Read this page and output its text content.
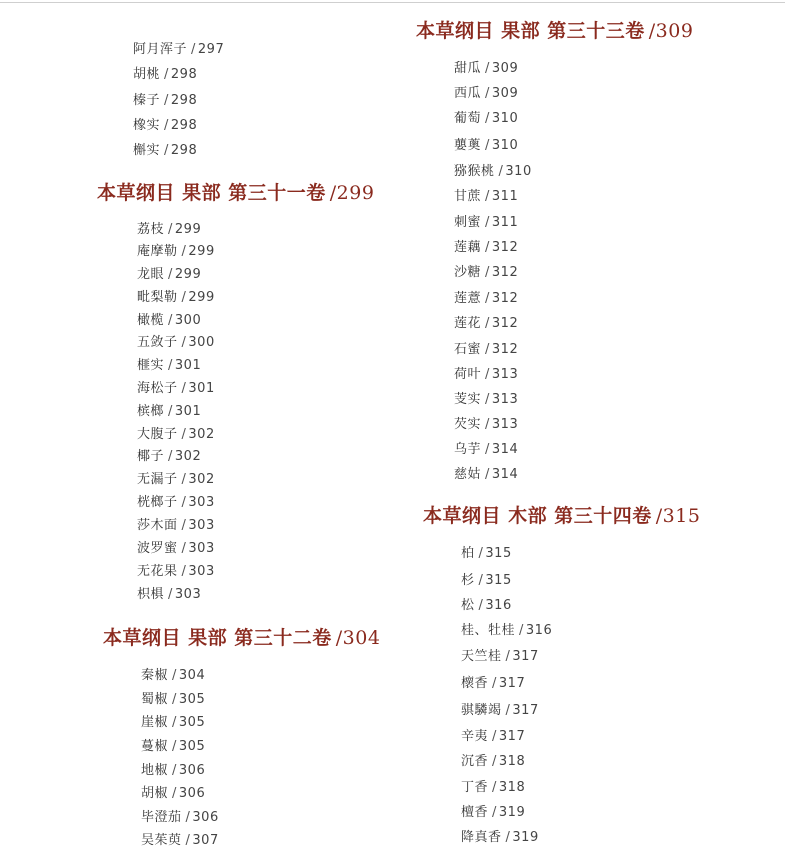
阿月浑子 / 297
胡桃 / 298
榛子 / 298
橡实 / 298
槲实 / 298
本草纲目 果部 第三十一卷 /299
荔枝 / 299
庵摩勒 / 299
龙眼 / 299
毗梨勒 / 299
橄榄 / 300
五敛子 / 300
榧实 / 301
海松子 / 301
槟榔 / 301
大腹子 / 302
椰子 / 302
无漏子 / 302
桄榔子 / 303
莎木面 / 303
波罗蜜 / 303
无花果 / 303
枳椇 / 303
本草纲目 果部 第三十二卷 /304
秦椒 / 304
蜀椒 / 305
崖椒 / 305
蔓椒 / 305
地椒 / 306
胡椒 / 306
毕澄茄 / 306
吴茱萸 / 307
本草纲目 果部 第三十三卷 /309
甜瓜 / 309
西瓜 / 309
葡萄 / 310
蘡薁 / 310
猕猴桃 / 310
甘蔗 / 311
刺蜜 / 311
莲藕 / 312
沙糖 / 312
莲薏 / 312
莲花 / 312
石蜜 / 312
荷叶 / 313
芰实 / 313
芡实 / 313
乌芋 / 314
慈姑 / 314
本草纲目 木部 第三十四卷 /315
柏 / 315
杉 / 315
松 / 316
桂、牡桂 / 316
天竺桂 / 317
櫰香 / 317
骐驎竭 / 317
辛夷 / 317
沉香 / 318
丁香 / 318
檀香 / 319
降真香 / 319
